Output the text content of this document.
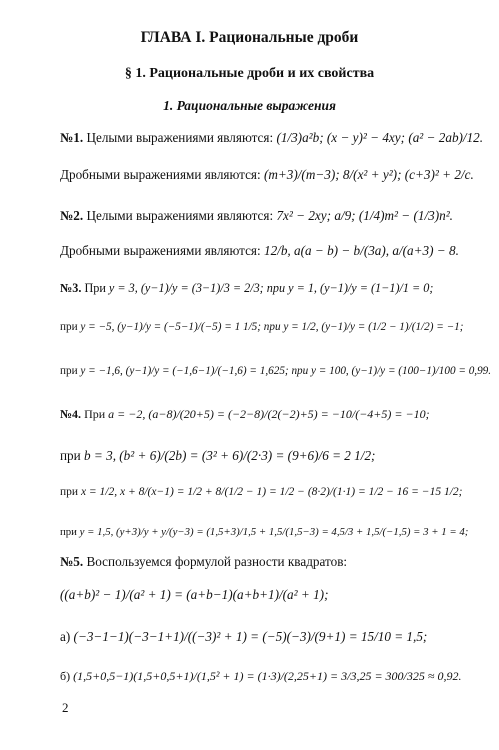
ГЛАВА I. Рациональные дроби
§ 1. Рациональные дроби и их свойства
1. Рациональные выражения
№1. Целыми выражениями являются: (1/3)a²b; (x − y)² − 4xy; (a² − 2ab)/12.
Дробными выражениями являются: (m+3)/(m−3); 8/(x² + y²); (c+3)² + 2/c.
№2. Целыми выражениями являются: 7x² − 2xy; a/9; (1/4)m² − (1/3)n².
Дробными выражениями являются: 12/b, a(a − b) − b/(3a), a/(a+3) − 8.
№3. При y = 3, (y−1)/y = (3−1)/3 = 2/3; при y = 1, (y−1)/y = (1−1)/1 = 0;
при y = −5, (y−1)/y = (−5−1)/(−5) = 1 1/5; при y = 1/2, (y−1)/y = (1/2 − 1)/(1/2) = −1;
при y = −1,6, (y−1)/y = (−1,6−1)/(−1,6) = 1,625; при y = 100, (y−1)/y = (100−1)/100 = 0,99.
№4. При a = −2, (a−8)/(20+5) = (−2−8)/(2(−2)+5) = −10/(−4+5) = −10;
при b = 3, (b² + 6)/(2b) = (3² + 6)/(2·3) = (9+6)/6 = 2 1/2;
при x = 1/2, x + 8/(x−1) = 1/2 + 8/(1/2 − 1) = 1/2 − (8·2)/(1·1) = 1/2 − 16 = −15 1/2;
при y = 1,5, (y+3)/y + y/(y−3) = (1,5+3)/1,5 + 1,5/(1,5−3) = 4,5/3 + 1,5/(−1,5) = 3 + 1 = 4;
№5. Воспользуемся формулой разности квадратов:
((a+b)² − 1)/(a² + 1) = (a+b−1)(a+b+1)/(a² + 1);
а) (−3−1−1)(−3−1+1)/((−3)² + 1) = (−5)(−3)/(9+1) = 15/10 = 1,5;
б) (1,5+0,5−1)(1,5+0,5+1)/(1,5² + 1) = (1·3)/(2,25+1) = 3/3,25 = 300/325 ≈ 0,92.
2
